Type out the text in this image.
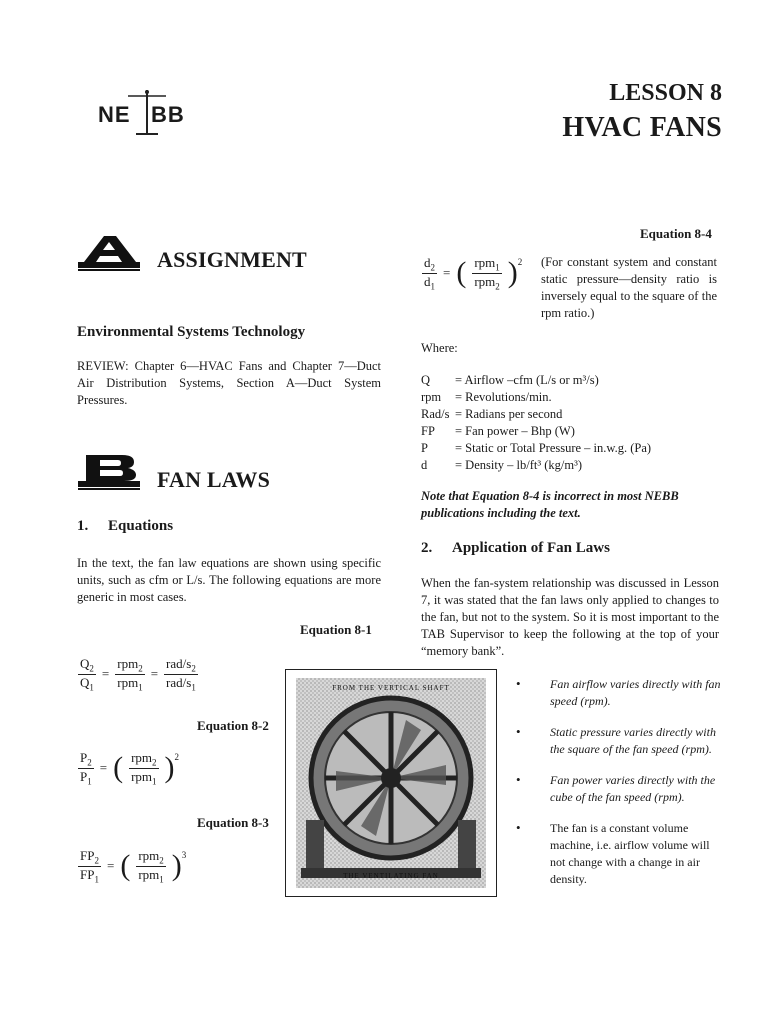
NE BB
LESSON 8
HVAC FANS
ASSIGNMENT
Environmental Systems Technology
REVIEW: Chapter 6—HVAC Fans and Chapter 7—Duct Air Distribution Systems, Section A—Duct System Pressures.
FAN LAWS
1. Equations
In the text, the fan law equations are shown using specific units, such as cfm or L/s. The following equations are more generic in most cases.
Equation 8-1
$\frac{Q_2}{Q_1} = \frac{rpm_2}{rpm_1} = \frac{rad/s_2}{rad/s_1}$
Equation 8-2
$\frac{P_2}{P_1}$ = ( $\frac{rpm_2}{rpm_1}$ ) 2
Equation 8-3
$\frac{FP_2}{FP_1}$ = ( $\frac{rpm_2}{rpm_1}$ ) 3
Equation 8-4
$\frac{d_2}{d_1}$ = ( $\frac{rpm_1}{rpm_2}$ ) 2 (For constant system and constant static pressure—density ratio is inversely equal to the square of the rpm ratio.)
Where:
Q	= Airflow –cfm (L/s or m³/s)
rpm	= Revolutions/min.
Rad/s = Radians per second
FP	= Fan power – Bhp (W)
P	= Static or Total Pressure – in.w.g. (Pa)
d	= Density – lb/ft³ (kg/m³)
Note that Equation 8-4 is incorrect in most NEBB publications including the text.
2. Application of Fan Laws
When the fan-system relationship was discussed in Lesson 7, it was stated that the fan laws only applied to changes to the fan, but not to the system. So it is most important to the TAB Supervisor to keep the following at the top of your “memory bank”.
FROM THE VERTICAL SHAFT
THE VENTILATING FAN
•	Fan airflow varies directly with fan speed (rpm).
•	Static pressure varies directly with the square of the fan speed (rpm).
•	Fan power varies directly with the cube of the fan speed (rpm).
•	The fan is a constant volume machine, i.e. airflow volume will not change with a change in air density.
